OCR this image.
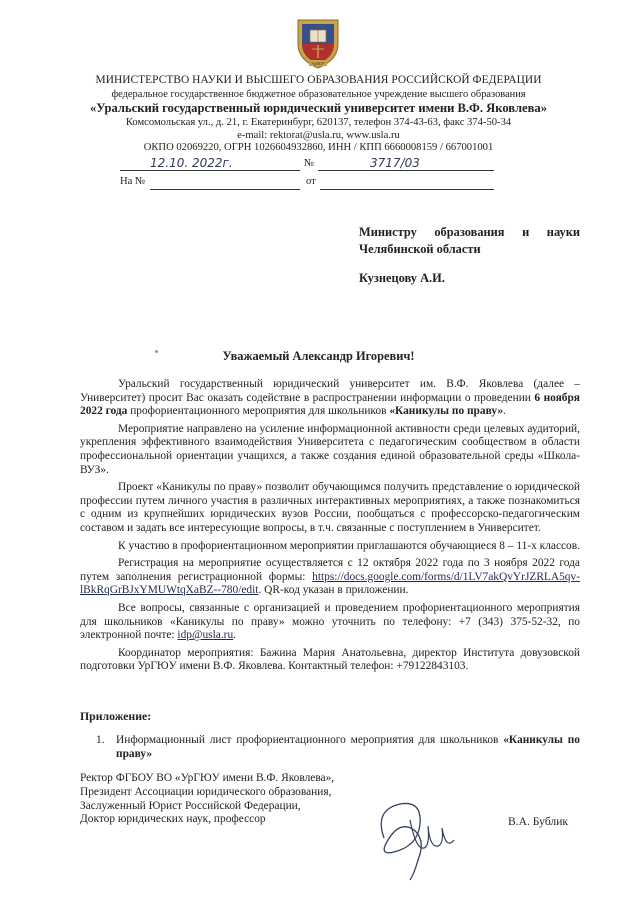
УрГЮУ
МИНИСТЕРСТВО НАУКИ И ВЫСШЕГО ОБРАЗОВАНИЯ РОССИЙСКОЙ ФЕДЕРАЦИИ
федеральное государственное бюджетное образовательное учреждение высшего образования
«Уральский государственный юридический университет имени В.Ф. Яковлева»
Комсомольская ул., д. 21, г. Екатеринбург, 620137, телефон 374-43-63, факс 374-50-34
e-mail: rektorat@usla.ru, www.usla.ru
ОКПО 02069220, ОГРН 1026604932860, ИНН / КПП 6660008159 / 667001001
12.10. 2022г.	№	3717/03
На №	от
Министру образования и науки
Челябинской области
Кузнецову А.И.
Уважаемый Александр Игоревич!

Уральский государственный юридический университет им. В.Ф. Яковлева (далее – Университет) просит Вас оказать содействие в распространении информации о проведении 6 ноября 2022 года профориентационного мероприятия для школьников «Каникулы по праву».

Мероприятие направлено на усиление информационной активности среди целевых аудиторий, укрепления эффективного взаимодействия Университета с педагогическим сообществом в области профессиональной ориентации учащихся, а также создания единой образовательной среды «Школа-ВУЗ».

Проект «Каникулы по праву» позволит обучающимся получить представление о юридической профессии путем личного участия в различных интерактивных мероприятиях, а также познакомиться с одним из крупнейших юридических вузов России, пообщаться с профессорско-педагогическим составом и задать все интересующие вопросы, в т.ч. связанные с поступлением в Университет.

К участию в профориентационном мероприятии приглашаются обучающиеся 8 – 11-х классов.

Регистрация на мероприятие осуществляется с 12 октября 2022 года по 3 ноября 2022 года путем заполнения регистрационной формы: https://docs.google.com/forms/d/1LV7akQvYrJZRLA5qv-lBkRqGrBJxYMUWtqXaBZ--780/edit. QR-код указан в приложении.

Все вопросы, связанные с организацией и проведением профориентационного мероприятия для школьников «Каникулы по праву» можно уточнить по телефону: +7 (343) 375-52-32, по электронной почте: idp@usla.ru.

Координатор мероприятия: Бажина Мария Анатольевна, директор Института довузовской подготовки УрГЮУ имени В.Ф. Яковлева. Контактный телефон: +79122843103.

Приложение:
1.	Информационный лист профориентационного мероприятия для школьников «Каникулы по праву»
Ректор ФГБОУ ВО «УрГЮУ имени В.Ф. Яковлева»,
Президент Ассоциации юридического образования,
Заслуженный Юрист Российской Федерации,
Доктор юридических наук, профессор	В.А. Бублик
